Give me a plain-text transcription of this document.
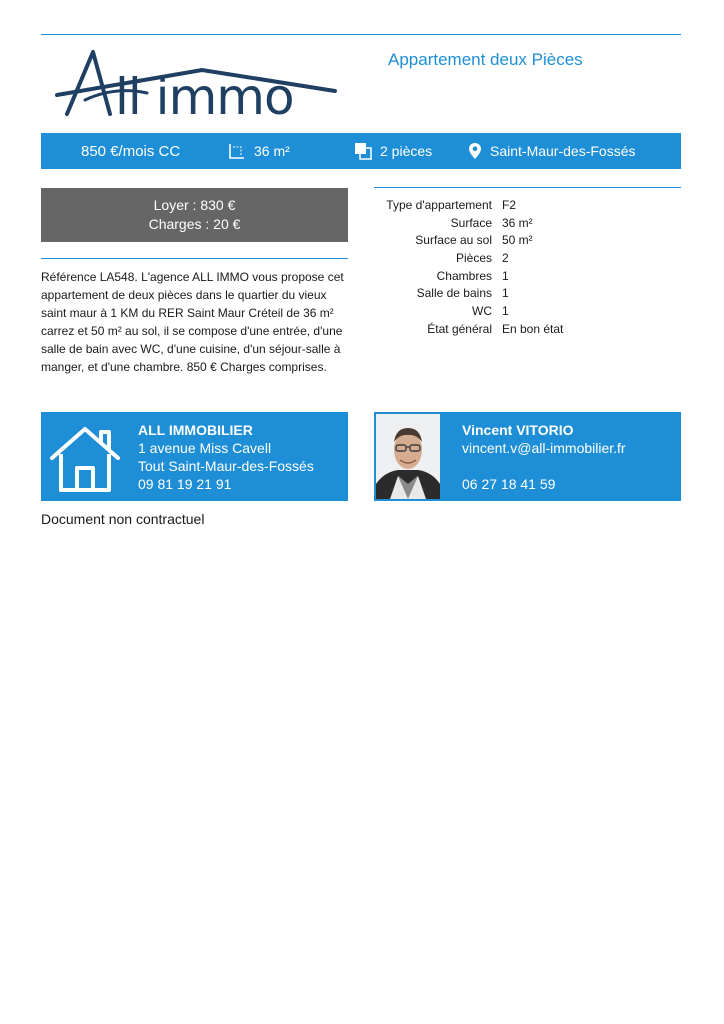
ll immo
Appartement deux Pièces
850 €/mois CC	36 m²	2 pièces	Saint-Maur-des-Fossés
Loyer : 830 €
Charges : 20 €
Référence LA548. L'agence ALL IMMO vous propose cet appartement de deux pièces dans le quartier du vieux saint maur à 1 KM du RER Saint Maur Créteil de 36 m² carrez et 50 m² au sol, il se compose d'une entrée, d'une salle de bain avec WC, d'une cuisine, d'un séjour-salle à manger, et d'une chambre. 850 € Charges comprises.
Type d'appartement F2
Surface 36 m²
Surface au sol 50 m²
Pièces 2
Chambres 1
Salle de bains 1
WC 1
État général En bon état
ALL IMMOBILIER
1 avenue Miss Cavell
Tout Saint-Maur-des-Fossés
09 81 19 21 91
Vincent VITORIO
vincent.v@all-immobilier.fr
06 27 18 41 59
Document non contractuel
